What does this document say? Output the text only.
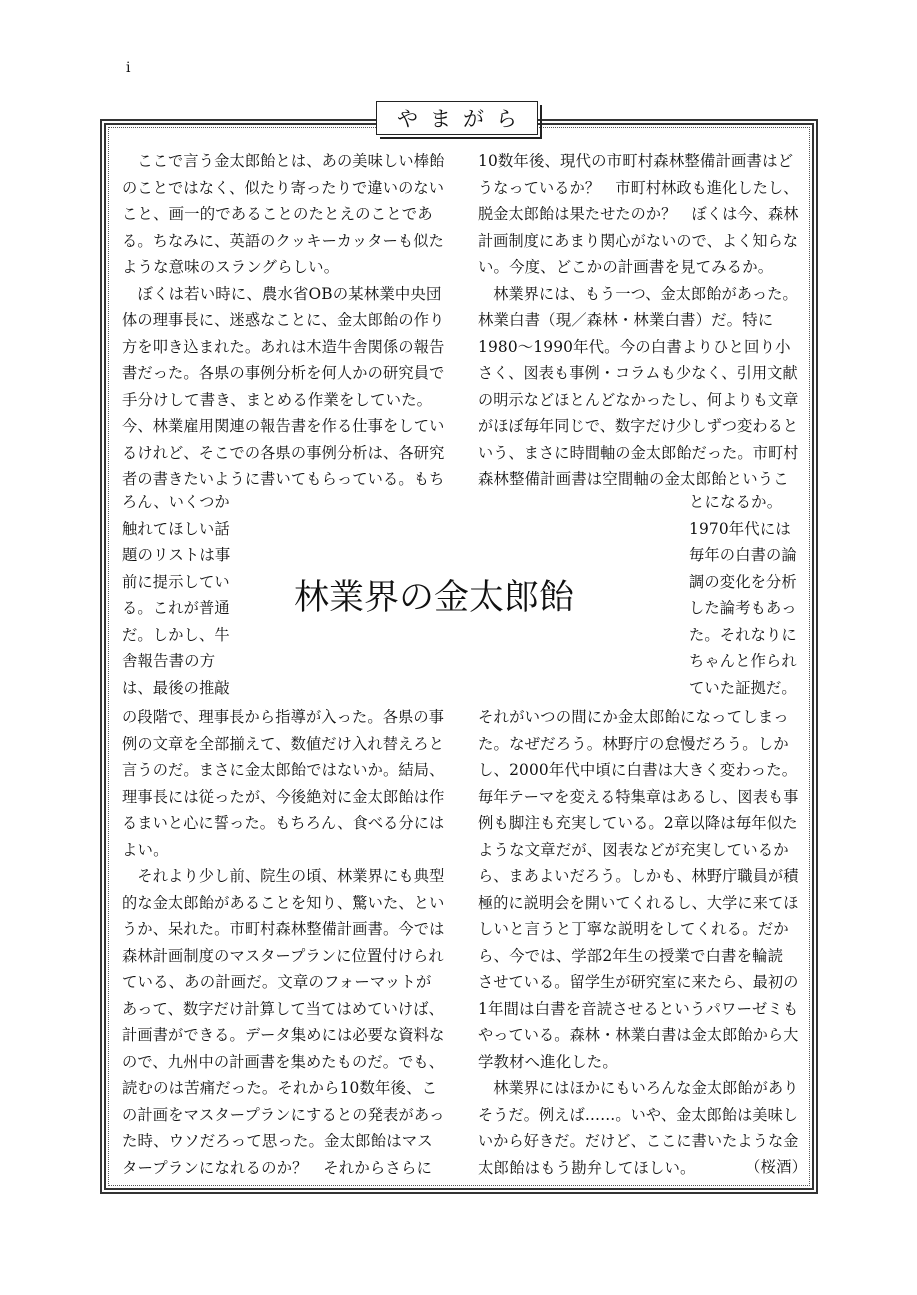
i
やまがら
林業界の金太郎飴
　ここで言う金太郎飴とは、あの美味しい棒飴
のことではなく、似たり寄ったりで違いのない
こと、画一的であることのたとえのことであ
る。ちなみに、英語のクッキーカッターも似た
ような意味のスラングらしい。
　ぼくは若い時に、農水省OBの某林業中央団
体の理事長に、迷惑なことに、金太郎飴の作り
方を叩き込まれた。あれは木造牛舎関係の報告
書だった。各県の事例分析を何人かの研究員で
手分けして書き、まとめる作業をしていた。
今、林業雇用関連の報告書を作る仕事をしてい
るけれど、そこでの各県の事例分析は、各研究
者の書きたいように書いてもらっている。もち
ろん、いくつか
触れてほしい話
題のリストは事
前に提示してい
る。これが普通
だ。しかし、牛
舎報告書の方
は、最後の推敲
の段階で、理事長から指導が入った。各県の事
例の文章を全部揃えて、数値だけ入れ替えろと
言うのだ。まさに金太郎飴ではないか。結局、
理事長には従ったが、今後絶対に金太郎飴は作
るまいと心に誓った。もちろん、食べる分には
よい。
　それより少し前、院生の頃、林業界にも典型
的な金太郎飴があることを知り、驚いた、とい
うか、呆れた。市町村森林整備計画書。今では
森林計画制度のマスタープランに位置付けられ
ている、あの計画だ。文章のフォーマットが
あって、数字だけ計算して当てはめていけば、
計画書ができる。データ集めには必要な資料な
ので、九州中の計画書を集めたものだ。でも、
読むのは苦痛だった。それから10数年後、こ
の計画をマスタープランにするとの発表があっ
た時、ウソだろって思った。金太郎飴はマス
タープランになれるのか？　それからさらに
10数年後、現代の市町村森林整備計画書はど
うなっているか？　市町村林政も進化したし、
脱金太郎飴は果たせたのか？　ぼくは今、森林
計画制度にあまり関心がないので、よく知らな
い。今度、どこかの計画書を見てみるか。
　林業界には、もう一つ、金太郎飴があった。
林業白書（現／森林・林業白書）だ。特に
1980～1990年代。今の白書よりひと回り小
さく、図表も事例・コラムも少なく、引用文献
の明示などほとんどなかったし、何よりも文章
がほぼ毎年同じで、数字だけ少しずつ変わると
いう、まさに時間軸の金太郎飴だった。市町村
森林整備計画書は空間軸の金太郎飴というこ
とになるか。
1970年代には
毎年の白書の論
調の変化を分析
した論考もあっ
た。それなりに
ちゃんと作られ
ていた証拠だ。
それがいつの間にか金太郎飴になってしまっ
た。なぜだろう。林野庁の怠慢だろう。しか
し、2000年代中頃に白書は大きく変わった。
毎年テーマを変える特集章はあるし、図表も事
例も脚注も充実している。2章以降は毎年似た
ような文章だが、図表などが充実しているか
ら、まあよいだろう。しかも、林野庁職員が積
極的に説明会を開いてくれるし、大学に来てほ
しいと言うと丁寧な説明をしてくれる。だか
ら、今では、学部2年生の授業で白書を輪読
させている。留学生が研究室に来たら、最初の
1年間は白書を音読させるというパワーゼミも
やっている。森林・林業白書は金太郎飴から大
学教材へ進化した。
　林業界にはほかにもいろんな金太郎飴があり
そうだ。例えば……。いや、金太郎飴は美味し
いから好きだ。だけど、ここに書いたような金
太郎飴はもう勘弁してほしい。	（桜酒）
